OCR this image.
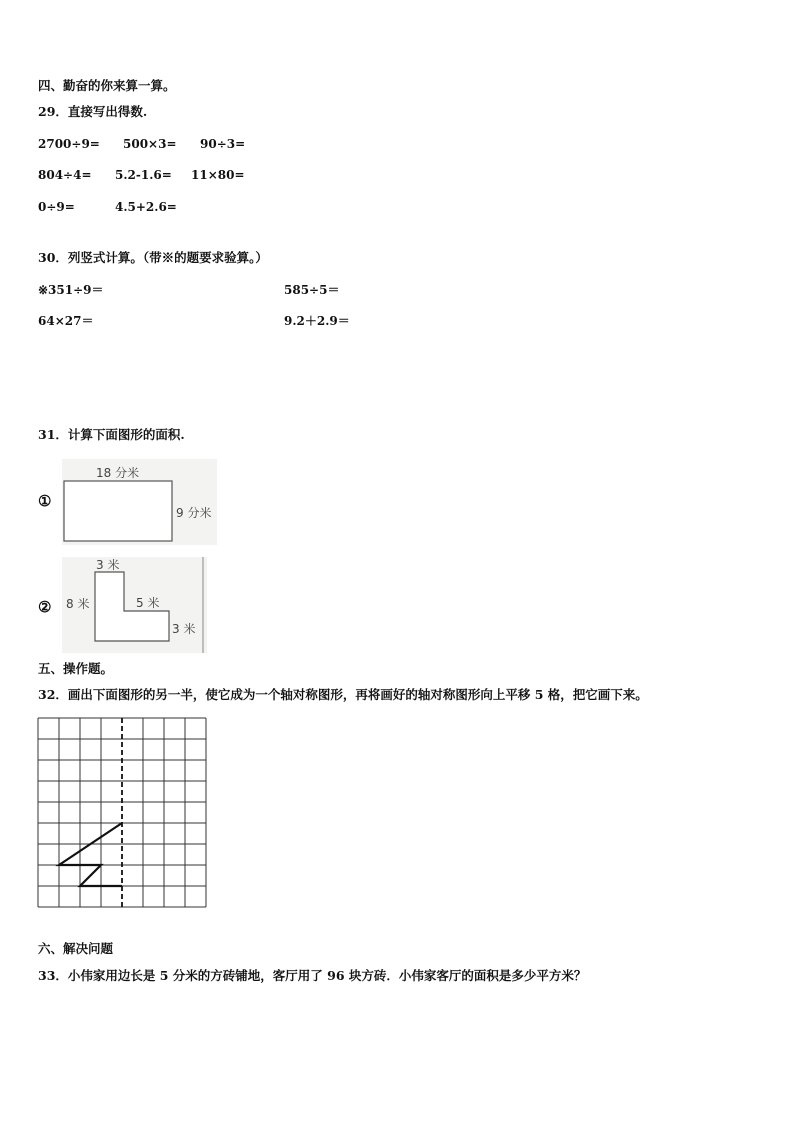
四、勤奋的你来算一算。
29．直接写出得数.
2700÷9= 500×3= 90÷3=
804÷4= 5.2-1.6= 11×80=
0÷9=	4.5+2.6=
30．列竖式计算。（带※的题要求验算。）
※351÷9＝	585÷5＝
64×27＝	9.2＋2.9＝
31．计算下面图形的面积.
①
18 分米
9 分米
②
3 米
8 米	5 米
3 米
五、操作题。
32．画出下面图形的另一半，使它成为一个轴对称图形，再将画好的轴对称图形向上平移 5 格，把它画下来。
六、解决问题
33．小伟家用边长是 5 分米的方砖铺地，客厅用了 96 块方砖．小伟家客厅的面积是多少平方米？
